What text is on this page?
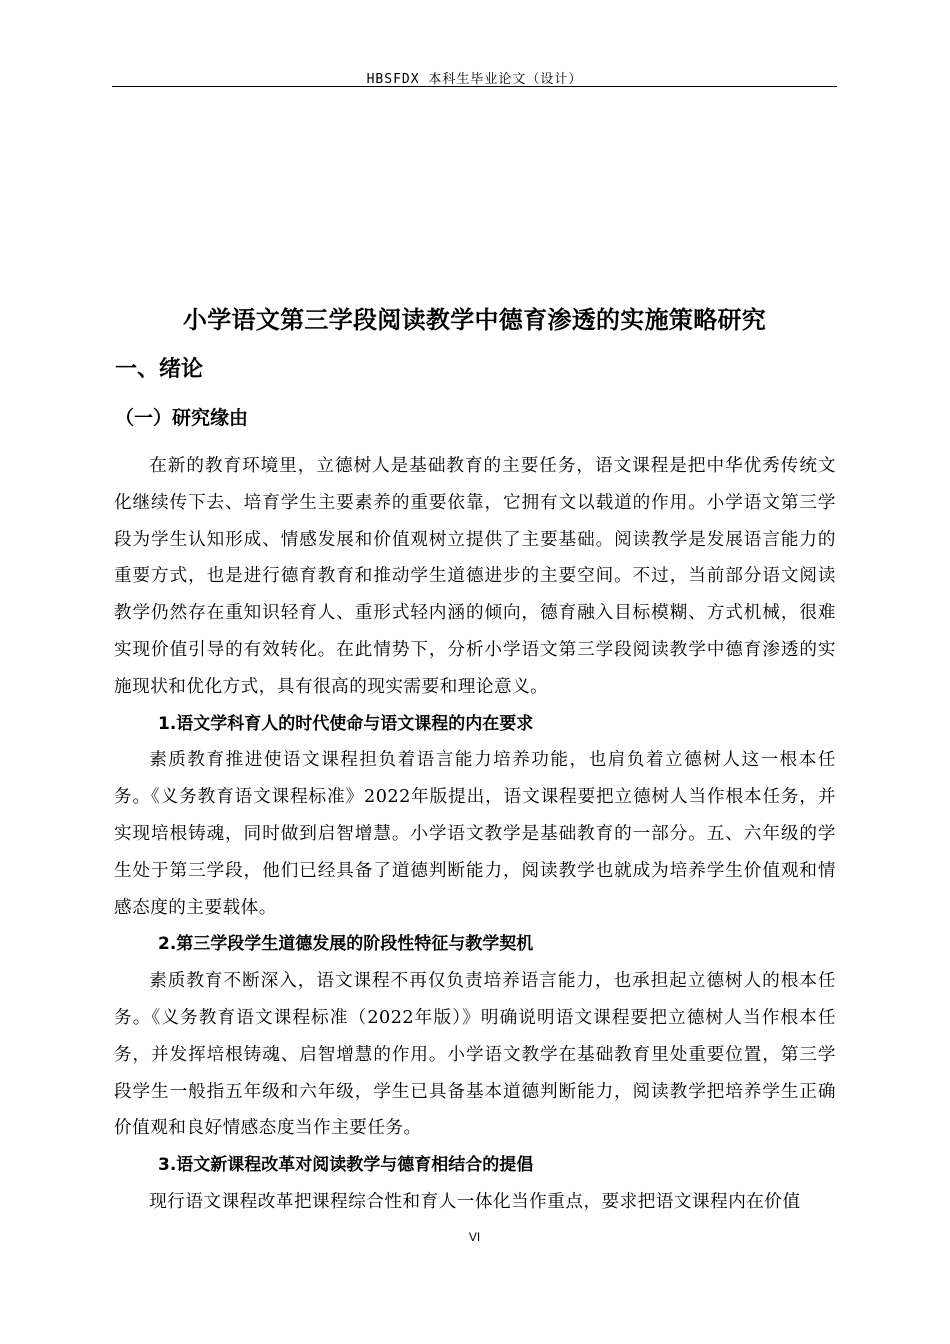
HBSFDX 本科生毕业论文（设计）
小学语文第三学段阅读教学中德育渗透的实施策略研究
一、绪论
（一）研究缘由

在新的教育环境里，立德树人是基础教育的主要任务，语文课程是把中华优秀传统文化继续传下去、培育学生主要素养的重要依靠，它拥有文以载道的作用。小学语文第三学段为学生认知形成、情感发展和价值观树立提供了主要基础。阅读教学是发展语言能力的重要方式，也是进行德育教育和推动学生道德进步的主要空间。不过，当前部分语文阅读教学仍然存在重知识轻育人、重形式轻内涵的倾向，德育融入目标模糊、方式机械，很难实现价值引导的有效转化。在此情势下，分析小学语文第三学段阅读教学中德育渗透的实施现状和优化方式，具有很高的现实需要和理论意义。

1.语文学科育人的时代使命与语文课程的内在要求

素质教育推进使语文课程担负着语言能力培养功能，也肩负着立德树人这一根本任务。《义务教育语文课程标准》2022年版提出，语文课程要把立德树人当作根本任务，并实现培根铸魂，同时做到启智增慧。小学语文教学是基础教育的一部分。五、六年级的学生处于第三学段，他们已经具备了道德判断能力，阅读教学也就成为培养学生价值观和情感态度的主要载体。

2.第三学段学生道德发展的阶段性特征与教学契机

素质教育不断深入，语文课程不再仅负责培养语言能力，也承担起立德树人的根本任务。《义务教育语文课程标准（2022年版）》明确说明语文课程要把立德树人当作根本任务，并发挥培根铸魂、启智增慧的作用。小学语文教学在基础教育里处重要位置，第三学段学生一般指五年级和六年级，学生已具备基本道德判断能力，阅读教学把培养学生正确价值观和良好情感态度当作主要任务。

3.语文新课程改革对阅读教学与德育相结合的提倡

现行语文课程改革把课程综合性和育人一体化当作重点，要求把语文课程内在价值

VI
